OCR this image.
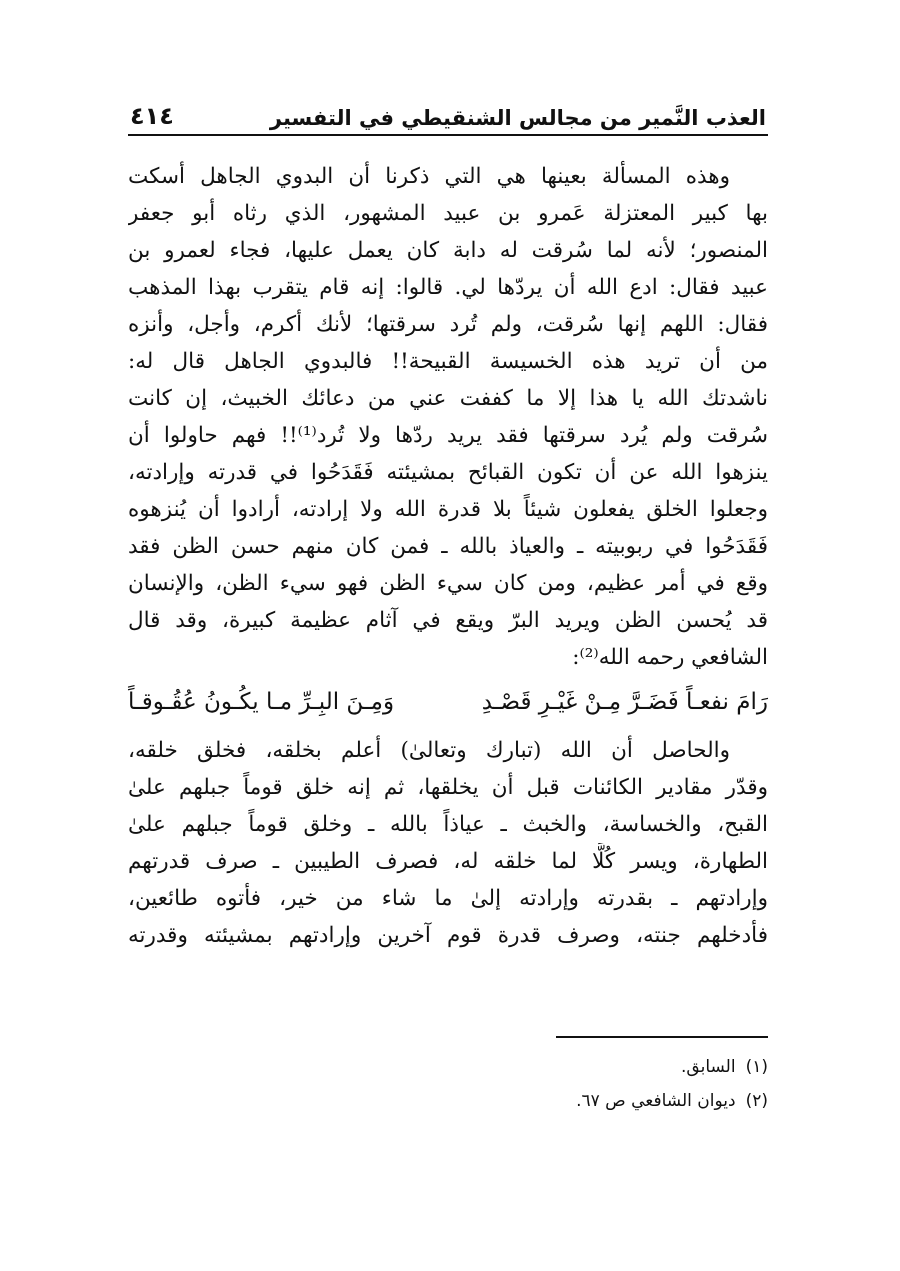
العذب النَّمير من مجالس الشنقيطي في التفسير
٤١٤
وهذه المسألة بعينها هي التي ذكرنا أن البدوي الجاهل أسكت
بها كبير المعتزلة عَمرو بن عبيد المشهور، الذي رثاه أبو جعفر
المنصور؛ لأنه لما سُرقت له دابة كان يعمل عليها، فجاء لعمرو بن
عبيد فقال: ادع الله أن يردّها لي. قالوا: إنه قام يتقرب بهذا المذهب
فقال: اللهم إنها سُرقت، ولم تُرد سرقتها؛ لأنك أكرم، وأجل، وأنزه
من أن تريد هذه الخسيسة القبيحة!! فالبدوي الجاهل قال له:
ناشدتك الله يا هذا إلا ما كففت عني من دعائك الخبيث، إن كانت
سُرقت ولم يُرد سرقتها فقد يريد ردّها ولا تُرد⁽¹⁾!! فهم حاولوا أن
ينزهوا الله عن أن تكون القبائح بمشيئته فَقَدَحُوا في قدرته وإرادته،
وجعلوا الخلق يفعلون شيئاً بلا قدرة الله ولا إرادته، أرادوا أن يُنزهوه
فَقَدَحُوا في ربوبيته ـ والعياذ بالله ـ فمن كان منهم حسن الظن فقد
وقع في أمر عظيم، ومن كان سيء الظن فهو سيء الظن، والإنسان
قد يُحسن الظن ويريد البرّ ويقع في آثام عظيمة كبيرة، وقد قال
الشافعي رحمه الله⁽²⁾:
رَامَ نفعـاً فَضَـرَّ مِـنْ غَيْـرِ قَصْـدِ
وَمِـنَ البِـرِّ مـا يكُـونُ عُقُـوقـاً
والحاصل أن الله (تبارك وتعالىٰ) أعلم بخلقه، فخلق خلقه،
وقدّر مقادير الكائنات قبل أن يخلقها، ثم إنه خلق قوماً جبلهم علىٰ
القبح، والخساسة، والخبث ـ عياذاً بالله ـ وخلق قوماً جبلهم علىٰ
الطهارة، ويسر كُلًّا لما خلقه له، فصرف الطيبين ـ صرف قدرتهم
وإرادتهم ـ بقدرته وإرادته إلىٰ ما شاء من خير، فأتوه طائعين،
فأدخلهم جنته، وصرف قدرة قوم آخرين وإرادتهم بمشيئته وقدرته
(١)السابق.
(٢)ديوان الشافعي ص ٦٧.
